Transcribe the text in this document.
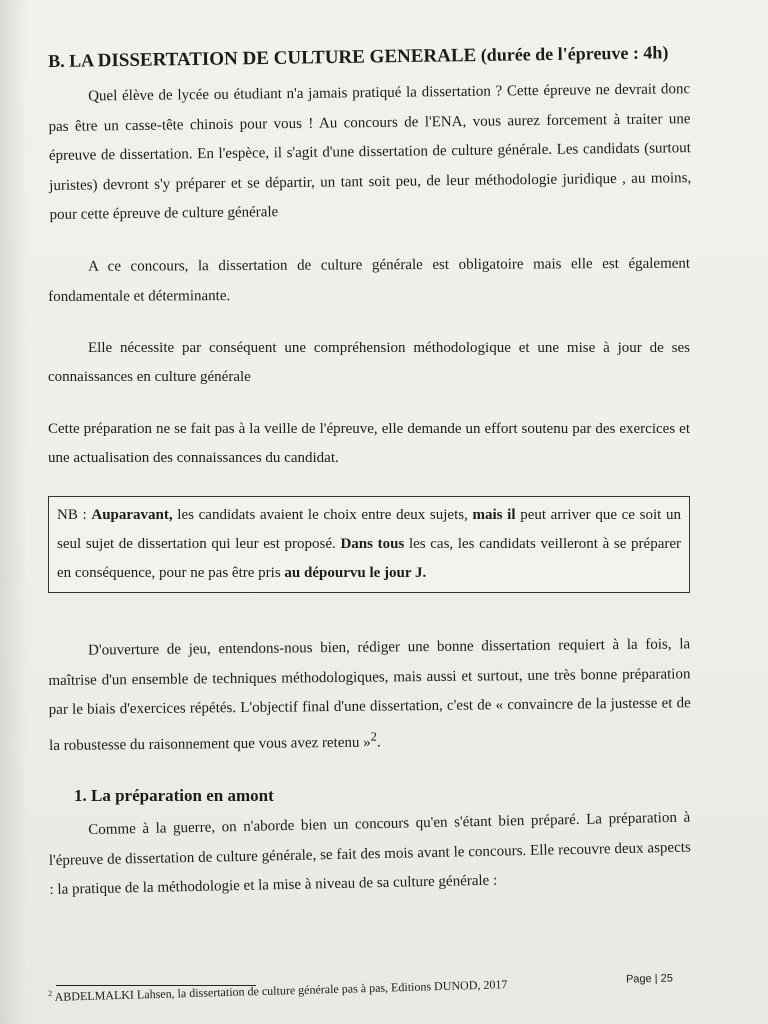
B. LA DISSERTATION DE CULTURE GENERALE (durée de l'épreuve : 4h)

Quel élève de lycée ou étudiant n'a jamais pratiqué la dissertation ? Cette épreuve ne devrait donc pas être un casse-tête chinois pour vous ! Au concours de l'ENA, vous aurez forcement à traiter une épreuve de dissertation. En l'espèce, il s'agit d'une dissertation de culture générale. Les candidats (surtout juristes) devront s'y préparer et se départir, un tant soit peu, de leur méthodologie juridique , au moins, pour cette épreuve de culture générale

A ce concours, la dissertation de culture générale est obligatoire mais elle est également fondamentale et déterminante.

Elle nécessite par conséquent une compréhension méthodologique et une mise à jour de ses connaissances en culture générale

Cette préparation ne se fait pas à la veille de l'épreuve, elle demande un effort soutenu par des exercices et une actualisation des connaissances du candidat.

NB : Auparavant, les candidats avaient le choix entre deux sujets, mais il peut arriver que ce soit un seul sujet de dissertation qui leur est proposé. Dans tous les cas, les candidats veilleront à se préparer en conséquence, pour ne pas être pris au dépourvu le jour J.

D'ouverture de jeu, entendons-nous bien, rédiger une bonne dissertation requiert à la fois, la maîtrise d'un ensemble de techniques méthodologiques, mais aussi et surtout, une très bonne préparation par le biais d'exercices répétés. L'objectif final d'une dissertation, c'est de « convaincre de la justesse et de la robustesse du raisonnement que vous avez retenu »$^2$.

1. La préparation en amont

Comme à la guerre, on n'aborde bien un concours qu'en s'étant bien préparé. La préparation à l'épreuve de dissertation de culture générale, se fait des mois avant le concours. Elle recouvre deux aspects : la pratique de la méthodologie et la mise à niveau de sa culture générale :

$^2$ ABDELMALKI Lahsen, la dissertation de culture générale pas à pas, Editions DUNOD, 2017	Page | 25
